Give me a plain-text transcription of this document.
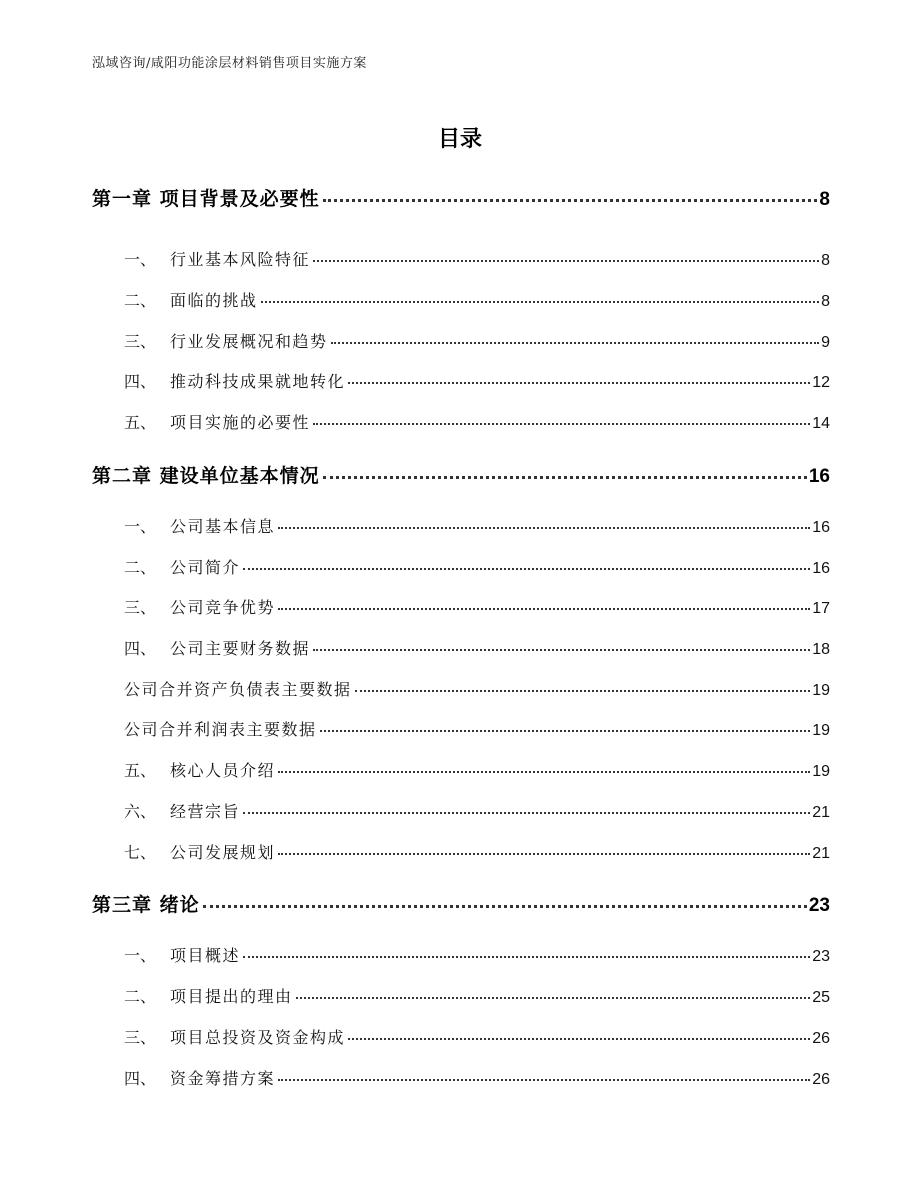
泓域咨询/咸阳功能涂层材料销售项目实施方案
目录
第一章 项目背景及必要性	8
一、 行业基本风险特征	8
二、 面临的挑战	8
三、 行业发展概况和趋势	9
四、 推动科技成果就地转化	12
五、 项目实施的必要性	14
第二章 建设单位基本情况	16
一、 公司基本信息	16
二、 公司简介	16
三、 公司竞争优势	17
四、 公司主要财务数据	18
公司合并资产负债表主要数据	19
公司合并利润表主要数据	19
五、 核心人员介绍	19
六、 经营宗旨	21
七、 公司发展规划	21
第三章 绪论	23
一、 项目概述	23
二、 项目提出的理由	25
三、 项目总投资及资金构成	26
四、 资金筹措方案	26
